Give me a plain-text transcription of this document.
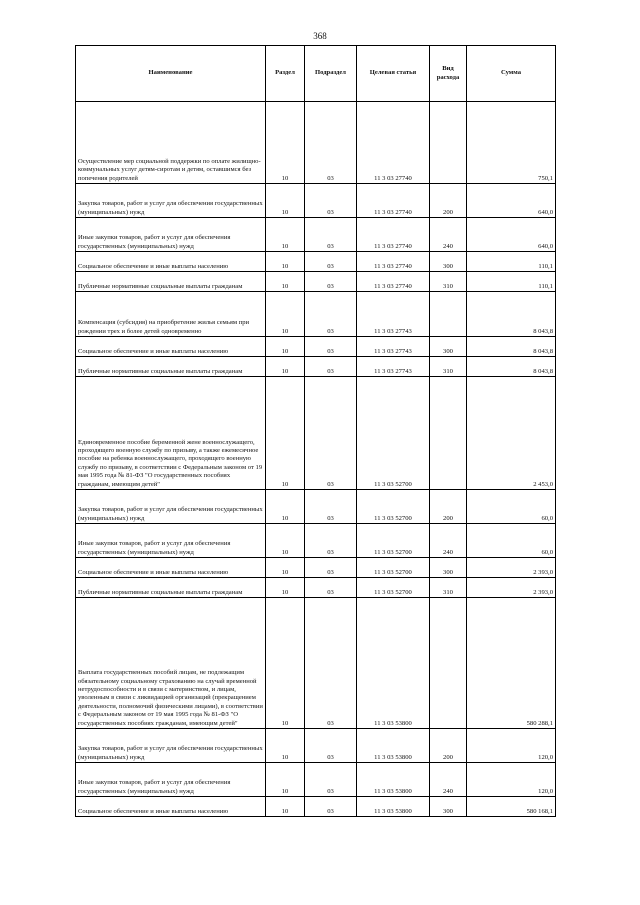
368
Наименование	Раздел	Подраздел	Целевая статья	Вид расхода	Сумма
Осуществление мер социальной поддержки по оплате жилищно-коммунальных услуг детям-сиротам и детям, оставшимся без попечения родителей	10	03	11 3 03 27740		750,1
Закупка товаров, работ и услуг для обеспечения государственных (муниципальных) нужд	10	03	11 3 03 27740	200	640,0
Иные закупки товаров, работ и услуг для обеспечения государственных (муниципальных) нужд	10	03	11 3 03 27740	240	640,0
Социальное обеспечение и иные выплаты населению	10	03	11 3 03 27740	300	110,1
Публичные нормативные социальные выплаты гражданам	10	03	11 3 03 27740	310	110,1
Компенсация (субсидия) на приобретение жилья семьям при рождении трех и более детей одновременно	10	03	11 3 03 27743		8 043,8
Социальное обеспечение и иные выплаты населению	10	03	11 3 03 27743	300	8 043,8
Публичные нормативные социальные выплаты гражданам	10	03	11 3 03 27743	310	8 043,8
Единовременное пособие беременной жене военнослужащего, проходящего военную службу по призыву, а также ежемесячное пособие на ребенка военнослужащего, проходящего военную службу по призыву, в соответствии с Федеральным законом от 19 мая 1995 года № 81-ФЗ "О государственных пособиях гражданам, имеющим детей"	10	03	11 3 03 52700		2 453,0
Закупка товаров, работ и услуг для обеспечения государственных (муниципальных) нужд	10	03	11 3 03 52700	200	60,0
Иные закупки товаров, работ и услуг для обеспечения государственных (муниципальных) нужд	10	03	11 3 03 52700	240	60,0
Социальное обеспечение и иные выплаты населению	10	03	11 3 03 52700	300	2 393,0
Публичные нормативные социальные выплаты гражданам	10	03	11 3 03 52700	310	2 393,0
Выплата государственных пособий лицам, не подлежащим обязательному социальному страхованию на случай временной нетрудоспособности и в связи с материнством, и лицам, уволенным в связи с ликвидацией организаций (прекращением деятельности, полномочий физическими лицами), в соответствии с Федеральным законом от 19 мая 1995 года № 81-ФЗ "О государственных пособиях гражданам, имеющим детей"	10	03	11 3 03 53800		580 288,1
Закупка товаров, работ и услуг для обеспечения государственных (муниципальных) нужд	10	03	11 3 03 53800	200	120,0
Иные закупки товаров, работ и услуг для обеспечения государственных (муниципальных) нужд	10	03	11 3 03 53800	240	120,0
Социальное обеспечение и иные выплаты населению	10	03	11 3 03 53800	300	580 168,1
